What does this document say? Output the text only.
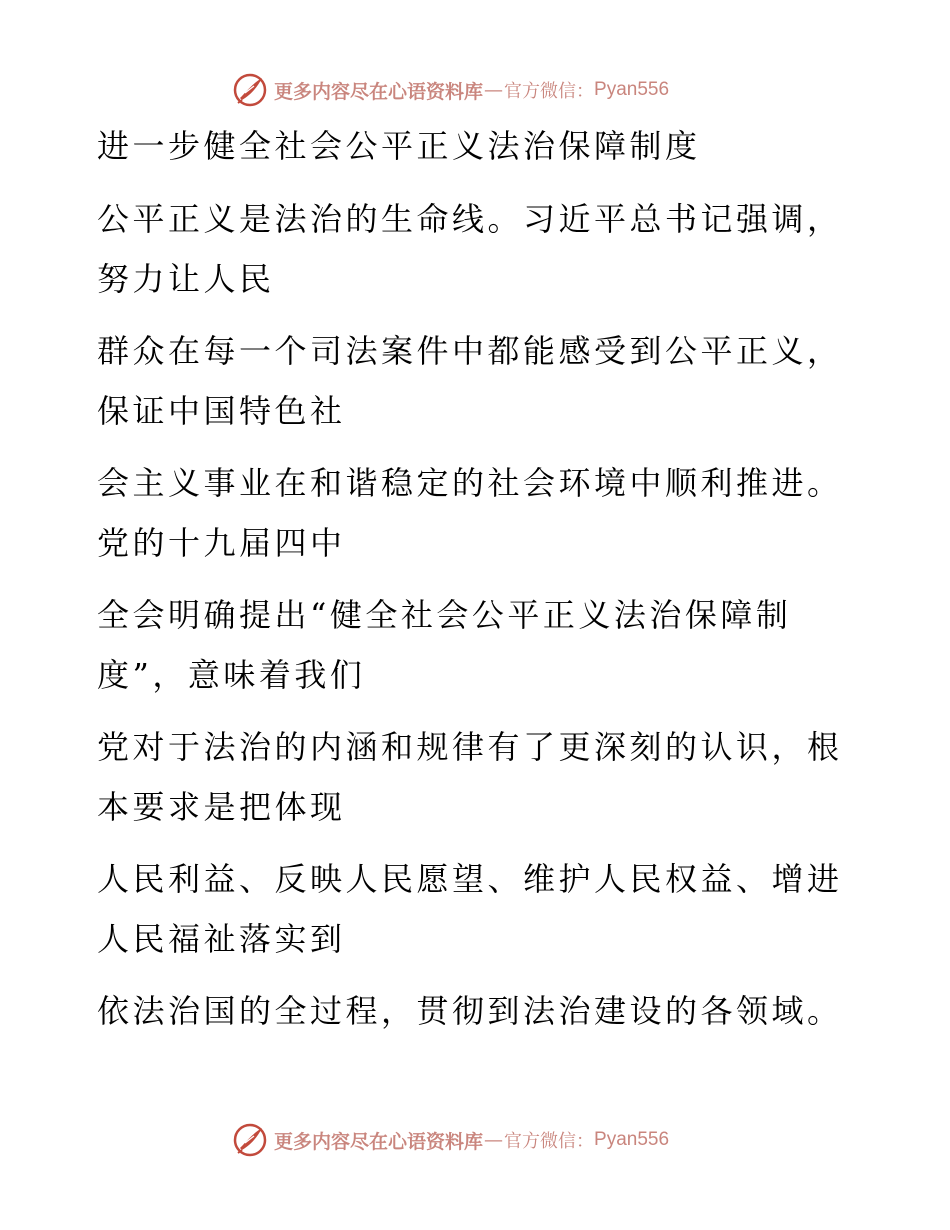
更多内容尽在心语资料库 — 官方微信： Pyan556
进一步健全社会公平正义法治保障制度
公平正义是法治的生命线。习近平总书记强调，
努力让人民
群众在每一个司法案件中都能感受到公平正义，
保证中国特色社
会主义事业在和谐稳定的社会环境中顺利推进。
党的十九届四中
全会明确提出“健全社会公平正义法治保障制
度”，意味着我们
党对于法治的内涵和规律有了更深刻的认识，根
本要求是把体现
人民利益、反映人民愿望、维护人民权益、增进
人民福祉落实到
依法治国的全过程，贯彻到法治建设的各领域。
更多内容尽在心语资料库 — 官方微信： Pyan556
